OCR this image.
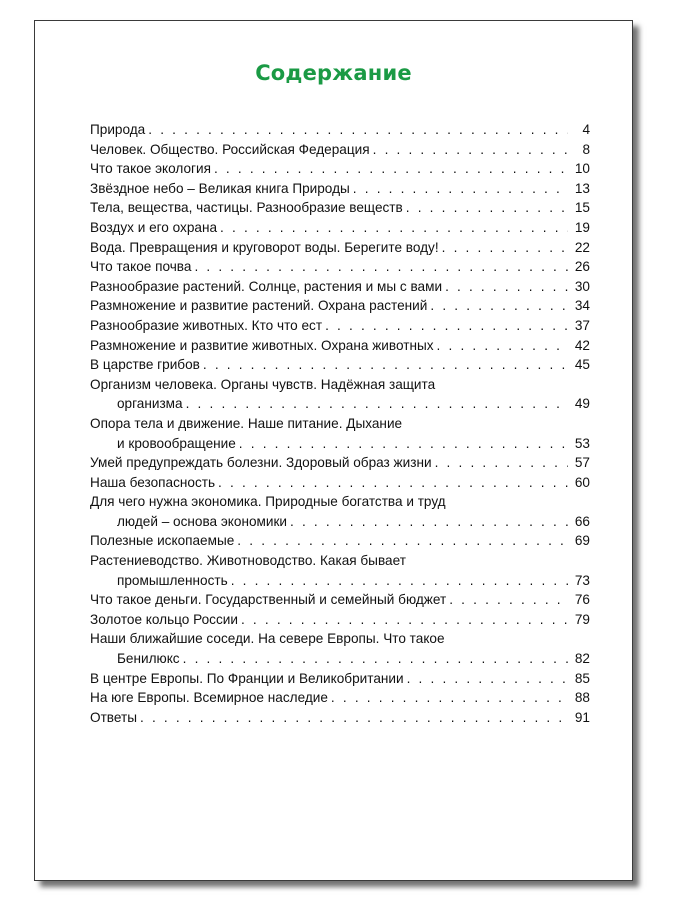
Содержание
Природа . . .	4
Человек. Общество. Российская Федерация . . .	8
Что такое экология . . .	10
Звёздное небо – Великая книга Природы . . .	13
Тела, вещества, частицы. Разнообразие веществ . . .	15
Воздух и его охрана . . .	19
Вода. Превращения и круговорот воды. Берегите воду! . . .	22
Что такое почва . . .	26
Разнообразие растений. Солнце, растения и мы с вами . . .	30
Размножение и развитие растений. Охрана растений . . .	34
Разнообразие животных. Кто что ест . . .	37
Размножение и развитие животных. Охрана животных . . .	42
В царстве грибов . . .	45
Организм человека. Органы чувств. Надёжная защита
организма . . .	49
Опора тела и движение. Наше питание. Дыхание
и кровообращение . . .	53
Умей предупреждать болезни. Здоровый образ жизни . . .	57
Наша безопасность . . .	60
Для чего нужна экономика. Природные богатства и труд
людей – основа экономики . . .	66
Полезные ископаемые . . .	69
Растениеводство. Животноводство. Какая бывает
промышленность . . .	73
Что такое деньги. Государственный и семейный бюджет . . .	76
Золотое кольцо России . . .	79
Наши ближайшие соседи. На севере Европы. Что такое
Бенилюкс . . .	82
В центре Европы. По Франции и Великобритании . . .	85
На юге Европы. Всемирное наследие . . .	88
Ответы . . .	91
